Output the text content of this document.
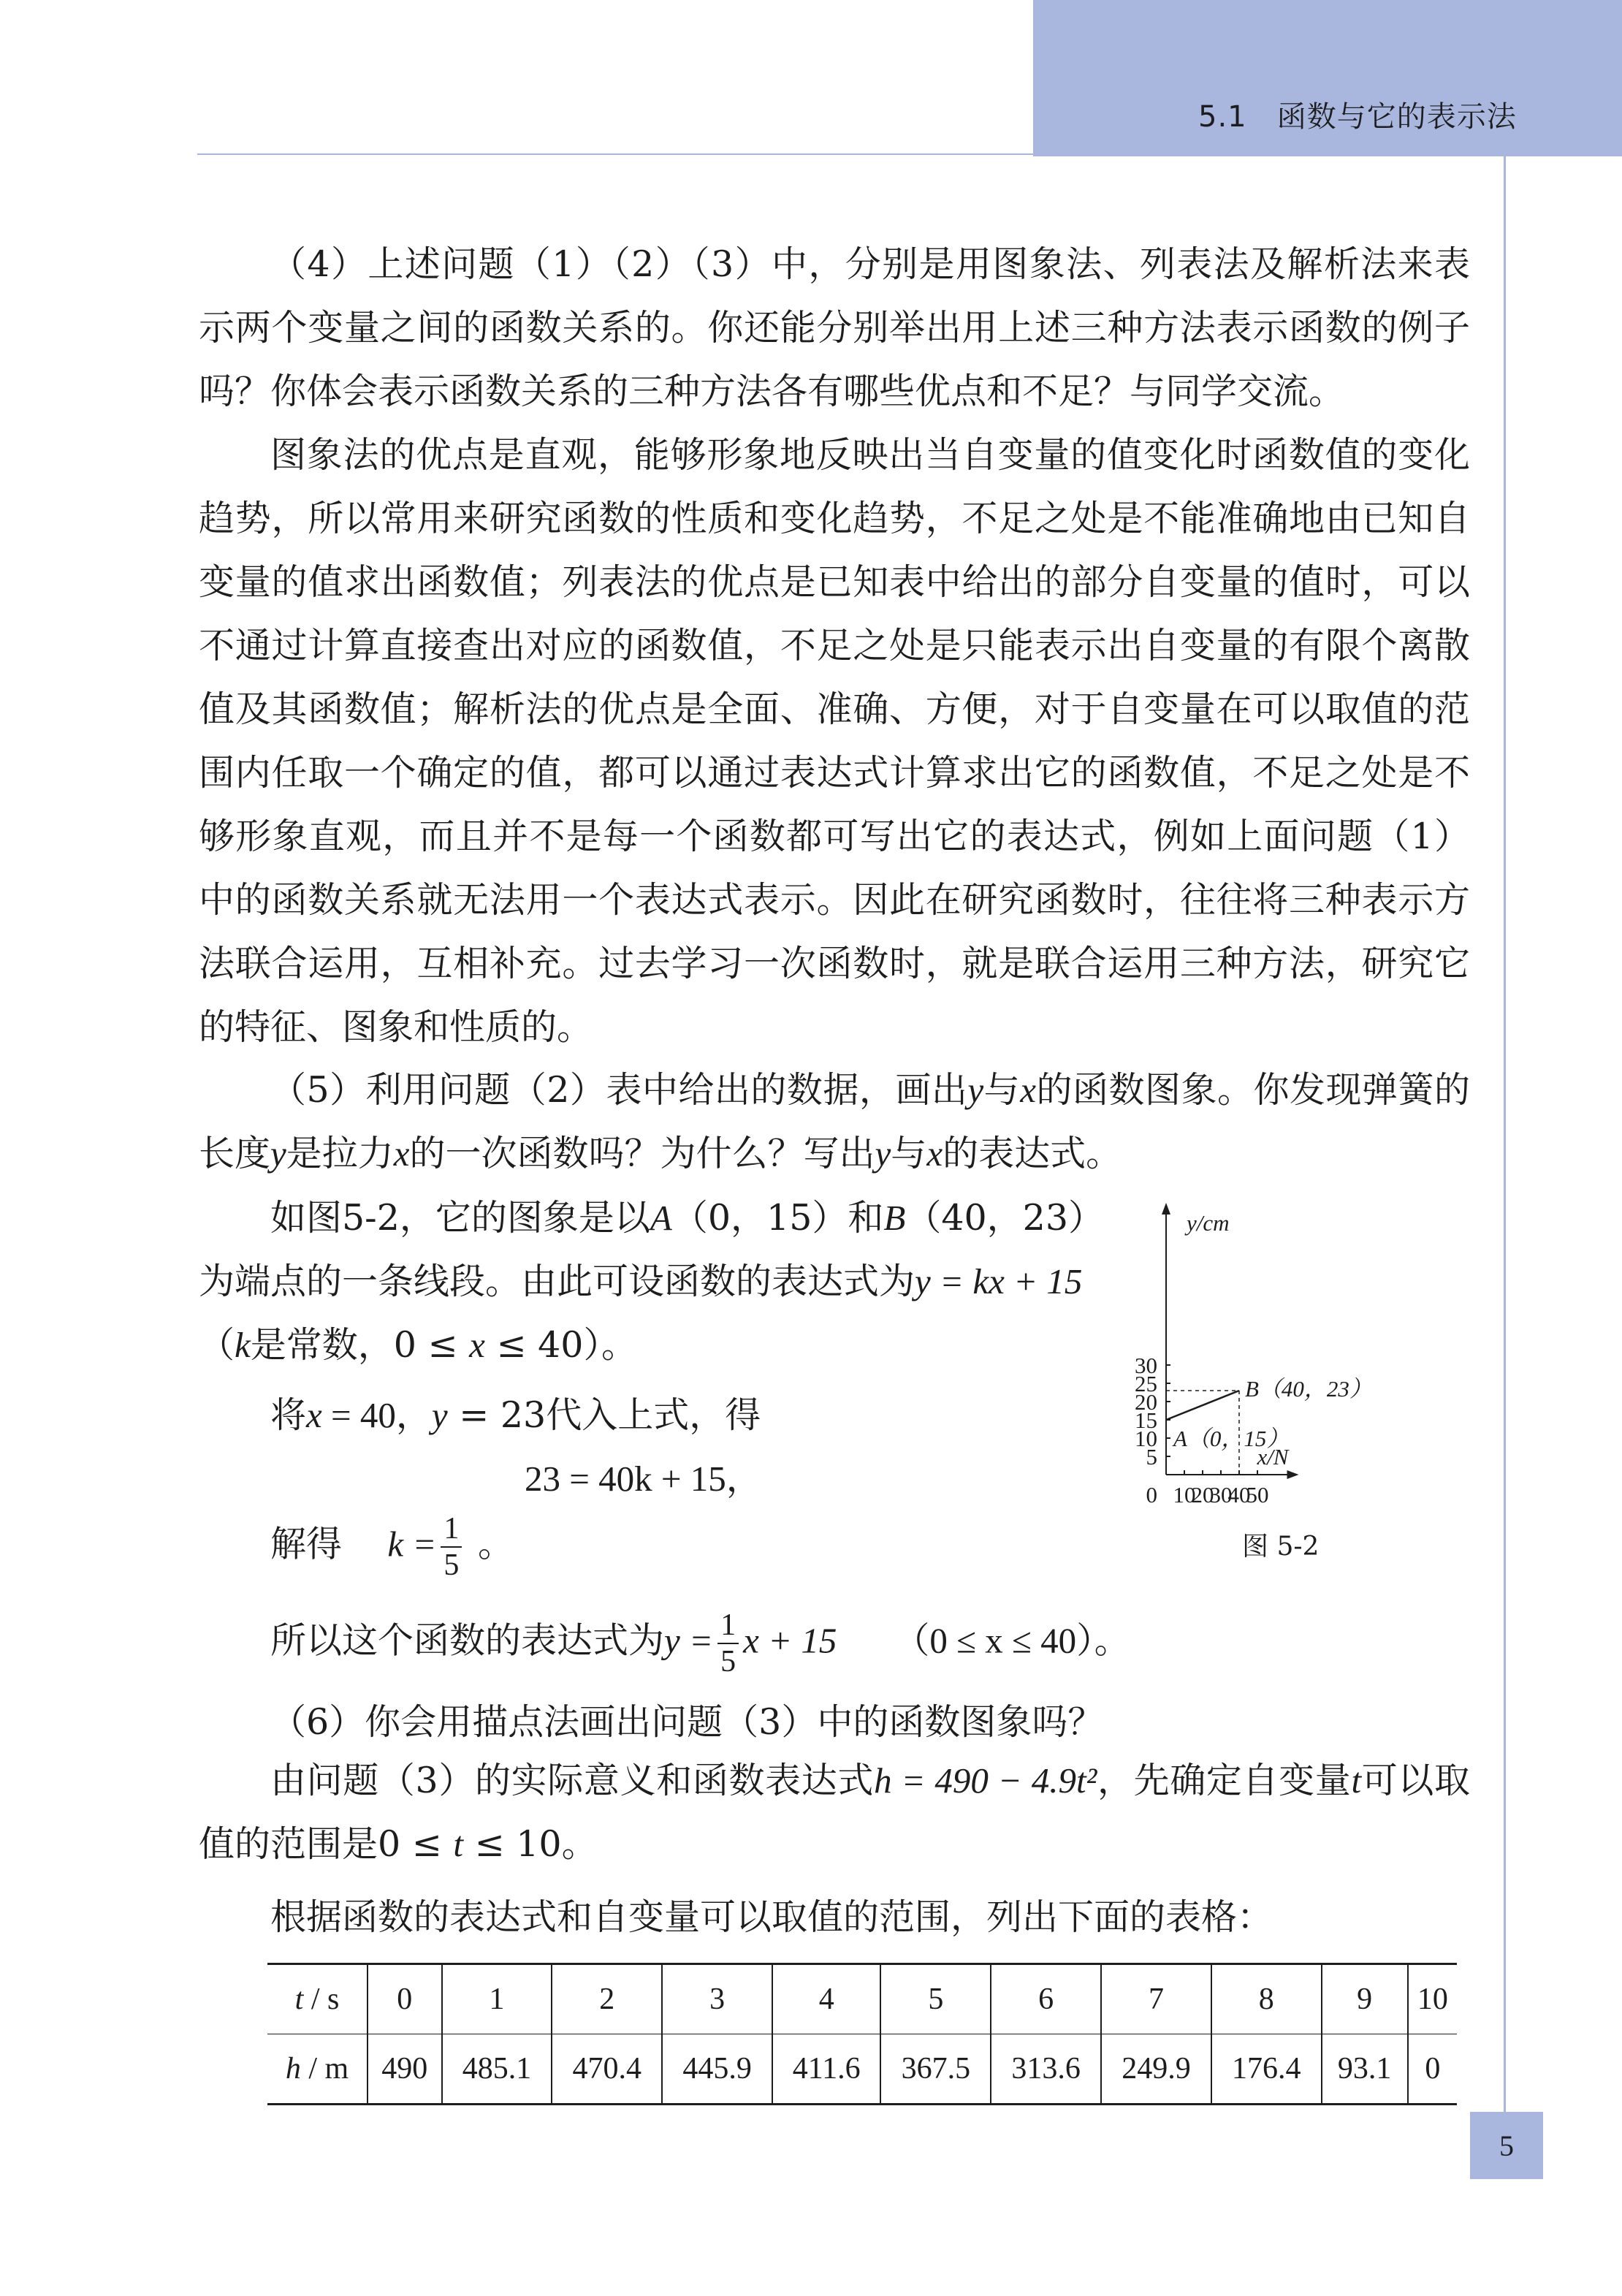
5.1 函数与它的表示法

（4）上述问题（1）（2）（3）中，分别是用图象法、列表法及解析法来表示两个变量之间的函数关系的。你还能分别举出用上述三种方法表示函数的例子吗？你体会表示函数关系的三种方法各有哪些优点和不足？与同学交流。

图象法的优点是直观，能够形象地反映出当自变量的值变化时函数值的变化趋势，所以常用来研究函数的性质和变化趋势，不足之处是不能准确地由已知自变量的值求出函数值；列表法的优点是已知表中给出的部分自变量的值时，可以不通过计算直接查出对应的函数值，不足之处是只能表示出自变量的有限个离散值及其函数值；解析法的优点是全面、准确、方便，对于自变量在可以取值的范围内任取一个确定的值，都可以通过表达式计算求出它的函数值，不足之处是不够形象直观，而且并不是每一个函数都可写出它的表达式，例如上面问题（1）中的函数关系就无法用一个表达式表示。因此在研究函数时，往往将三种表示方法联合运用，互相补充。过去学习一次函数时，就是联合运用三种方法，研究它的特征、图象和性质的。

（5）利用问题（2）表中给出的数据，画出y与x的函数图象。你发现弹簧的长度y是拉力x的一次函数吗？为什么？写出y与x的表达式。

如图5-2，它的图象是以A（0，15）和B（40，23）为端点的一条线段。由此可设函数的表达式为y = kx + 15
（k是常数，0 ≤ x ≤ 40）。

将x = 40，y = 23代入上式，得

23 = 40k + 15，

解得 $k = \frac{1}{5}$ 。

所以这个函数的表达式为$y = \frac{1}{5}$ x + 15 （0 ≤ x ≤ 40）。

（6）你会用描点法画出问题（3）中的函数图象吗？

由问题（3）的实际意义和函数表达式h = 490 − 4.9t²，先确定自变量t可以取值的范围是0 ≤ t ≤ 10。

根据函数的表达式和自变量可以取值的范围，列出下面的表格：

10
20
30
40
50
5
10
15
20
25
30
0
x/N
y/cm
A（0，15）
B（40，23）
图 5-2
t / s	0	1	2	3	4	5	6	7	8	9	10
h / m	490	485.1	470.4	445.9	411.6	367.5	313.6	249.9	176.4	93.1	0
5
